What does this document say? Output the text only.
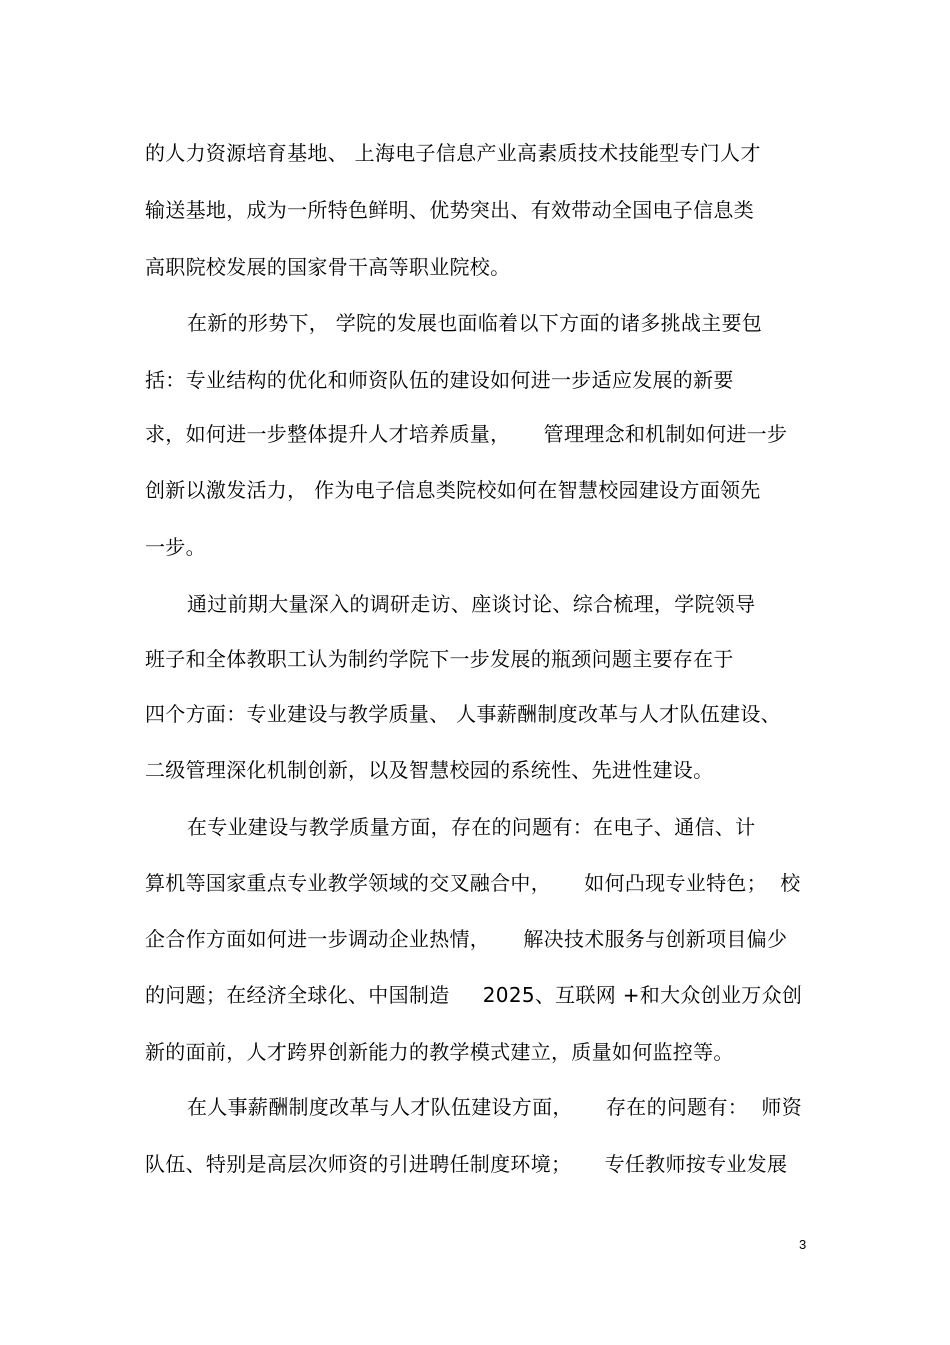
的人力资源培育基地、 上海电子信息产业高素质技术技能型专门人才
输送基地，成为一所特色鲜明、优势突出、有效带动全国电子信息类
高职院校发展的国家骨干高等职业院校。
在新的形势下， 学院的发展也面临着以下方面的诸多挑战主要包
括：专业结构的优化和师资队伍的建设如何进一步适应发展的新要
求，如何进一步整体提升人才培养质量，     管理理念和机制如何进一步
创新以激发活力， 作为电子信息类院校如何在智慧校园建设方面领先
一步。
通过前期大量深入的调研走访、座谈讨论、综合梳理，学院领导
班子和全体教职工认为制约学院下一步发展的瓶颈问题主要存在于
四个方面：专业建设与教学质量、 人事薪酬制度改革与人才队伍建设、
二级管理深化机制创新，以及智慧校园的系统性、先进性建设。
在专业建设与教学质量方面，存在的问题有：在电子、通信、计
算机等国家重点专业教学领域的交叉融合中，     如何凸现专业特色；  校
企合作方面如何进一步调动企业热情，     解决技术服务与创新项目偏少
的问题；在经济全球化、中国制造     2025、互联网 +和大众创业万众创
新的面前，人才跨界创新能力的教学模式建立，质量如何监控等。
在人事薪酬制度改革与人才队伍建设方面，     存在的问题有：  师资
队伍、特别是高层次师资的引进聘任制度环境；     专任教师按专业发展
3
